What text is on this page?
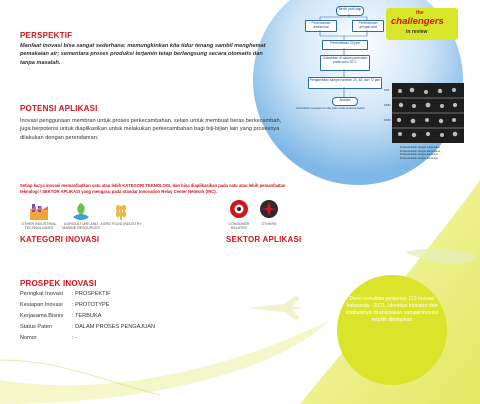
the
challengers
in review
PERSPEKTIF
Manfaat inovasi bisa sangat sederhana: memungkinkan kita tidur tenang sambil menghemat pemakaian air; sementara proses produksi terjamin tetap berlangsung secara otomatis dan tanpa masalah.
Benih padi siap
Perendaman tradisional
Perendaman dengan alat
Perendaman 24 jam
Didiamkan di dalam perendam pada suhu 30°C
Pengambilan sampel setelah 24, 48, dan 72 jam
Analisis
Gambar/foto pengujian inovasi pada media perkecambahan
RKB
RKB2
RKB3
Perkecambahan dengan media biasa
Perkecambahan dengan alat pertama
Perkecambahan dengan alat kedua
Perkecambahan dengan alat ketiga
POTENSI APLIKASI
Inovasi penggunaan membran untuk proses perkecambahan, selain untuk membuat beras berkecambah, juga berpotensi untuk diaplikasikan untuk melakukan perkecambahan bagi biji-bijian lain yang prosesnya dilakukan dengan perendaman.
Setiap karya inovasi memanfaatkan satu atau lebih KATEGORI TEKNOLOGI, dan bisa diaplikasikan pada satu atau lebih pemanfaatan teknologi / SEKTOR APLIKASI yang mengacu pada standar Innovation Relay Center Network (IRC).
OTHER INDUSTRIAL TECHNOLOGIES
AGRICULTURE AND MARINE RESOURCES
AGRO FOOD INDUSTRY
KATEGORI INOVASI
CONSUMER RELATED
OTHERS
SEKTOR APLIKASI
PROSPEK INOVASI
Peringkat Inovasi : PROSPEKTIF
Kesiapan Inovasi : PROTOTYPE
Kerjasama Bisnis : TERBUKA
Status Paten	: DALAM PROSES PENGAJUAN
Nomor	: -
Demi netralitas penjurian 113 Inovasi Indonesia - 2021, Identitas inovator dan institusinya dirahasiakan sampai inovasi terpilih ditetapkan
